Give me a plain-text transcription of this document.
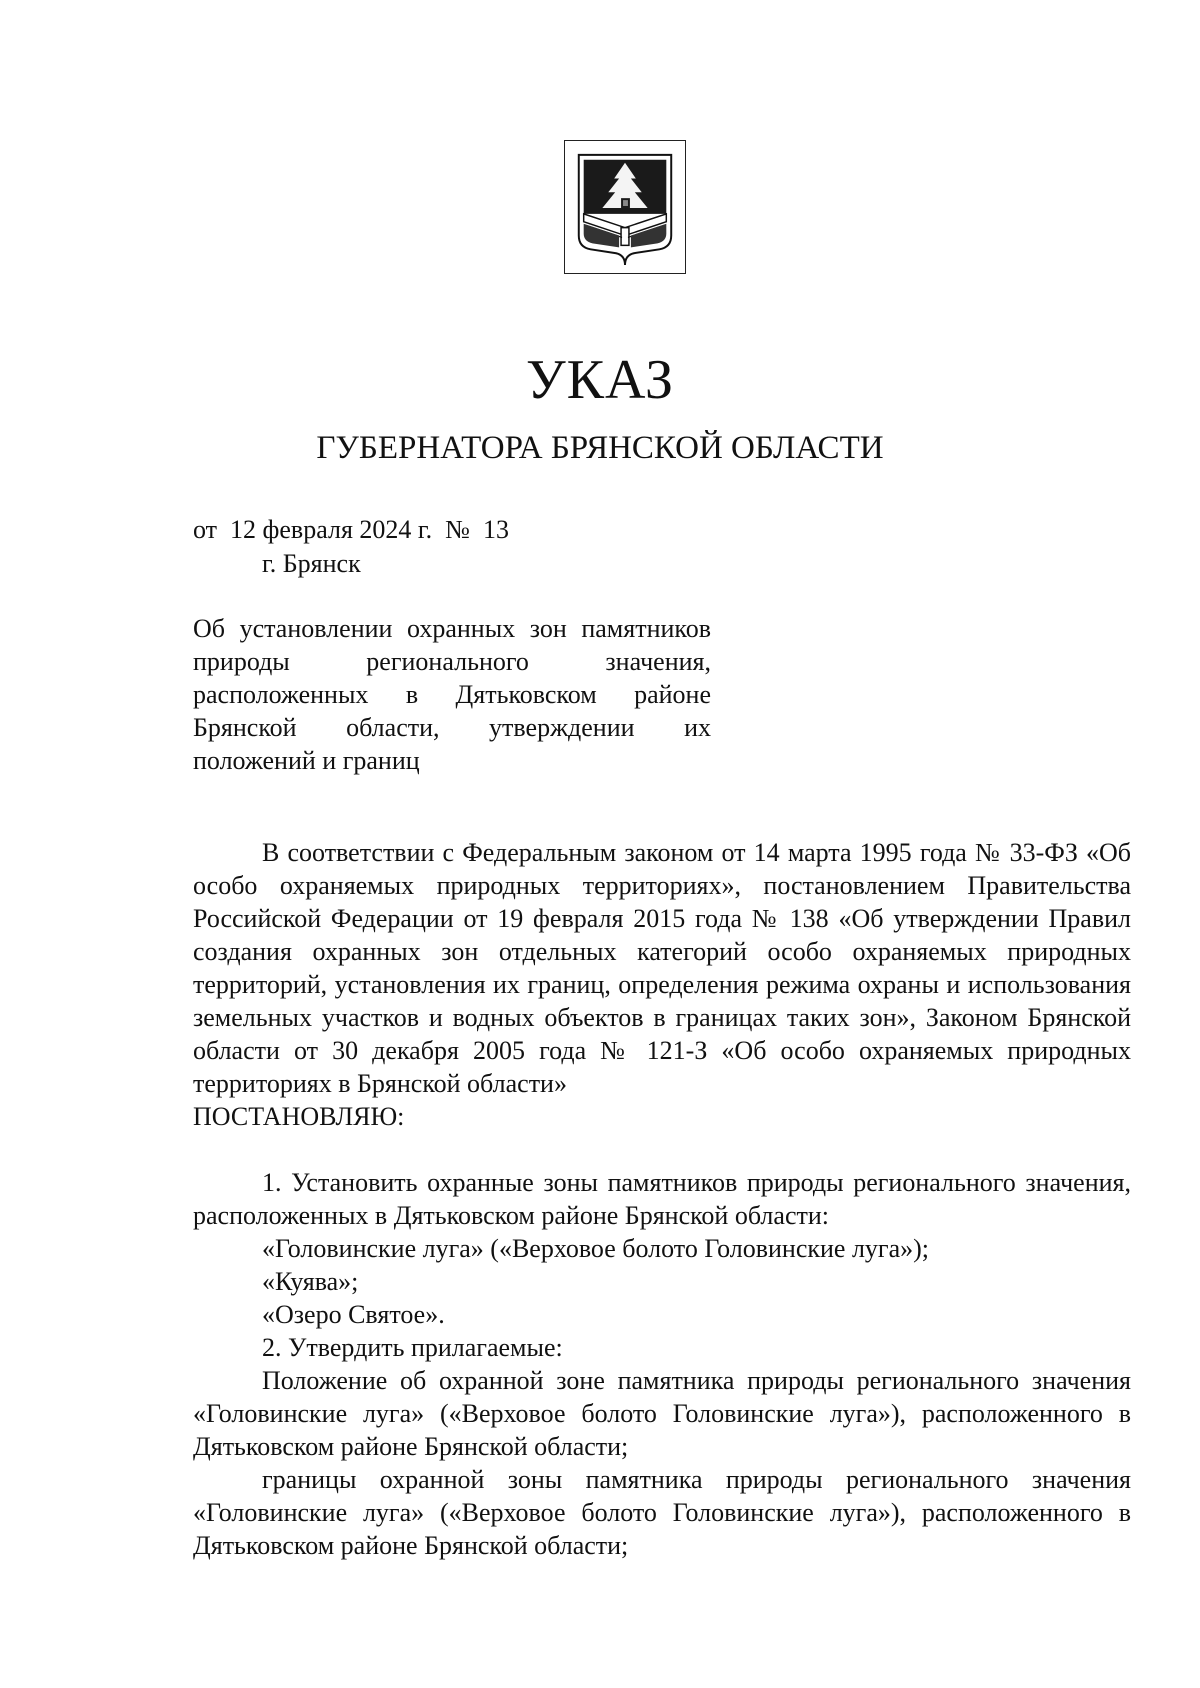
УКАЗ
ГУБЕРНАТОРА БРЯНСКОЙ ОБЛАСТИ
от 12 февраля 2024 г. № 13
г. Брянск
Об установлении охранных зон памятников природы регионального значения, расположенных в Дятьковском районе Брянской области, утверждении их положений и границ

В соответствии с Федеральным законом от 14 марта 1995 года № 33-ФЗ «Об особо охраняемых природных территориях», постановлением Правительства Российской Федерации от 19 февраля 2015 года № 138 «Об утверждении Правил создания охранных зон отдельных категорий особо охраняемых природных территорий, установления их границ, определения режима охраны и использования земельных участков и водных объектов в границах таких зон», Законом Брянской области от 30 декабря 2005 года № 121-З «Об особо охраняемых природных территориях в Брянской области»

ПОСТАНОВЛЯЮ:

1. Установить охранные зоны памятников природы регионального значения, расположенных в Дятьковском районе Брянской области:

«Головинские луга» («Верховое болото Головинские луга»);

«Куява»;

«Озеро Святое».

2. Утвердить прилагаемые:

Положение об охранной зоне памятника природы регионального значения «Головинские луга» («Верховое болото Головинские луга»), расположенного в Дятьковском районе Брянской области;

границы охранной зоны памятника природы регионального значения «Головинские луга» («Верховое болото Головинские луга»), расположенного в Дятьковском районе Брянской области;
